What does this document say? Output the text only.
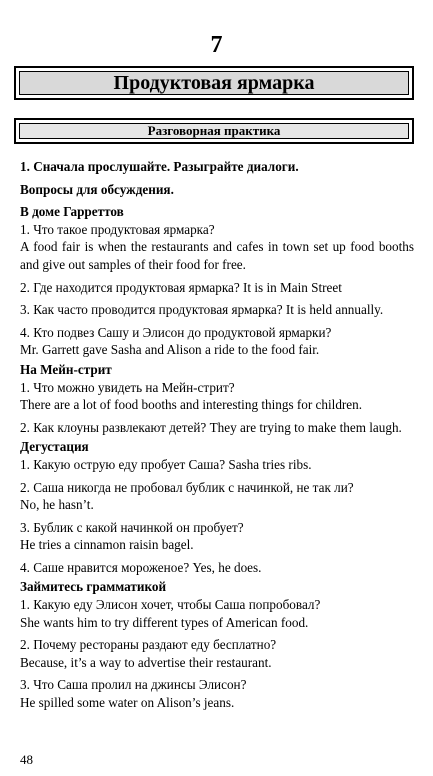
7
Продуктовая ярмарка
Разговорная практика

1. Сначала прослушайте. Разыграйте диалоги.

Вопросы для обсуждения.

В доме Гарреттов

1. Что такое продуктовая ярмарка?

A food fair is when the restaurants and cafes in town set up food booths and give out samples of their food for free.

2. Где находится продуктовая ярмарка? It is in Main Street

3. Как часто проводится продуктовая ярмарка? It is held annually.

4. Кто подвез Сашу и Элисон до продуктовой ярмарки?

Mr. Garrett gave Sasha and Alison a ride to the food fair.

На Мейн-стрит

1. Что можно увидеть на Мейн-стрит?

There are a lot of food booths and interesting things for children.

2. Как клоуны развлекают детей? They are trying to make them laugh.

Дегустация

1. Какую острую еду пробует Саша? Sasha tries ribs.

2. Саша никогда не пробовал бублик с начинкой, не так ли?

No, he hasn’t.

3. Бублик с какой начинкой он пробует?

He tries a cinnamon raisin bagel.

4. Саше нравится мороженое? Yes, he does.

Займитесь грамматикой

1. Какую еду Элисон хочет, чтобы Саша попробовал?

She wants him to try different types of American food.

2. Почему рестораны раздают еду бесплатно?

Because, it’s a way to advertise their restaurant.

3. Что Саша пролил на джинсы Элисон?

He spilled some water on Alison’s jeans.

48
